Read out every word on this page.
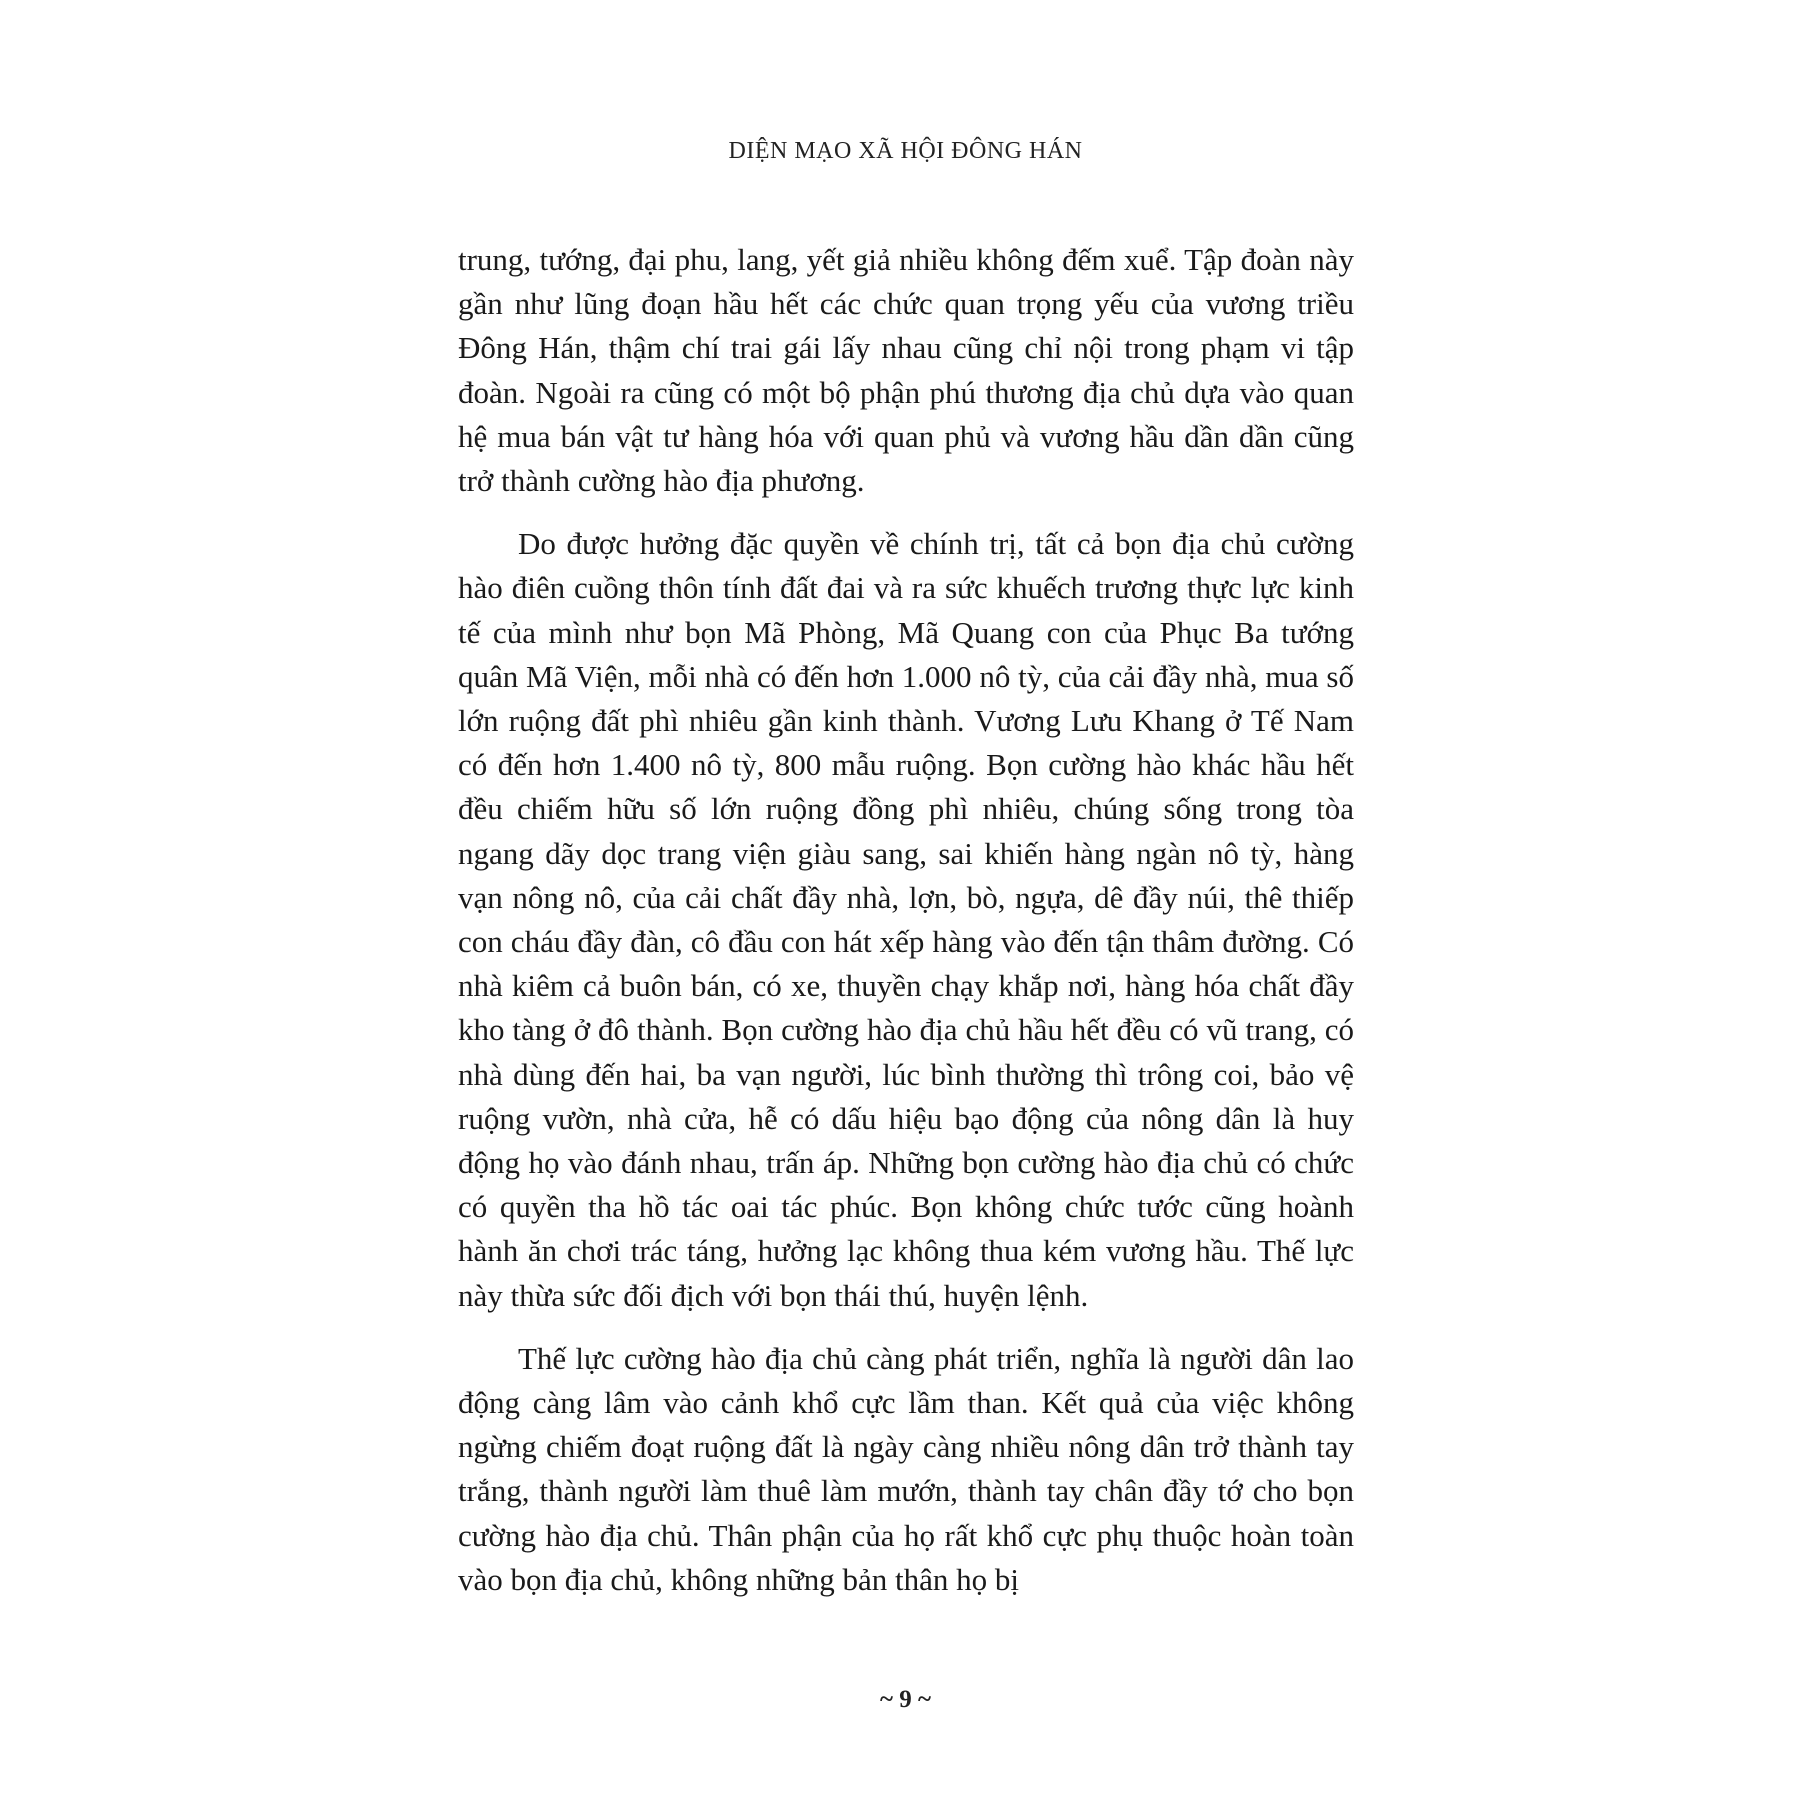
DIỆN MẠO XÃ HỘI ĐÔNG HÁN

trung, tướng, đại phu, lang, yết giả nhiều không đếm xuể. Tập đoàn này gần như lũng đoạn hầu hết các chức quan trọng yếu của vương triều Đông Hán, thậm chí trai gái lấy nhau cũng chỉ nội trong phạm vi tập đoàn. Ngoài ra cũng có một bộ phận phú thương địa chủ dựa vào quan hệ mua bán vật tư hàng hóa với quan phủ và vương hầu dần dần cũng trở thành cường hào địa phương.

Do được hưởng đặc quyền về chính trị, tất cả bọn địa chủ cường hào điên cuồng thôn tính đất đai và ra sức khuếch trương thực lực kinh tế của mình như bọn Mã Phòng, Mã Quang con của Phục Ba tướng quân Mã Viện, mỗi nhà có đến hơn 1.000 nô tỳ, của cải đầy nhà, mua số lớn ruộng đất phì nhiêu gần kinh thành. Vương Lưu Khang ở Tế Nam có đến hơn 1.400 nô tỳ, 800 mẫu ruộng. Bọn cường hào khác hầu hết đều chiếm hữu số lớn ruộng đồng phì nhiêu, chúng sống trong tòa ngang dãy dọc trang viện giàu sang, sai khiến hàng ngàn nô tỳ, hàng vạn nông nô, của cải chất đầy nhà, lợn, bò, ngựa, dê đầy núi, thê thiếp con cháu đầy đàn, cô đầu con hát xếp hàng vào đến tận thâm đường. Có nhà kiêm cả buôn bán, có xe, thuyền chạy khắp nơi, hàng hóa chất đầy kho tàng ở đô thành. Bọn cường hào địa chủ hầu hết đều có vũ trang, có nhà dùng đến hai, ba vạn người, lúc bình thường thì trông coi, bảo vệ ruộng vườn, nhà cửa, hễ có dấu hiệu bạo động của nông dân là huy động họ vào đánh nhau, trấn áp. Những bọn cường hào địa chủ có chức có quyền tha hồ tác oai tác phúc. Bọn không chức tước cũng hoành hành ăn chơi trác táng, hưởng lạc không thua kém vương hầu. Thế lực này thừa sức đối địch với bọn thái thú, huyện lệnh.

Thế lực cường hào địa chủ càng phát triển, nghĩa là người dân lao động càng lâm vào cảnh khổ cực lầm than. Kết quả của việc không ngừng chiếm đoạt ruộng đất là ngày càng nhiều nông dân trở thành tay trắng, thành người làm thuê làm mướn, thành tay chân đầy tớ cho bọn cường hào địa chủ. Thân phận của họ rất khổ cực phụ thuộc hoàn toàn vào bọn địa chủ, không những bản thân họ bị

~ 9 ~
